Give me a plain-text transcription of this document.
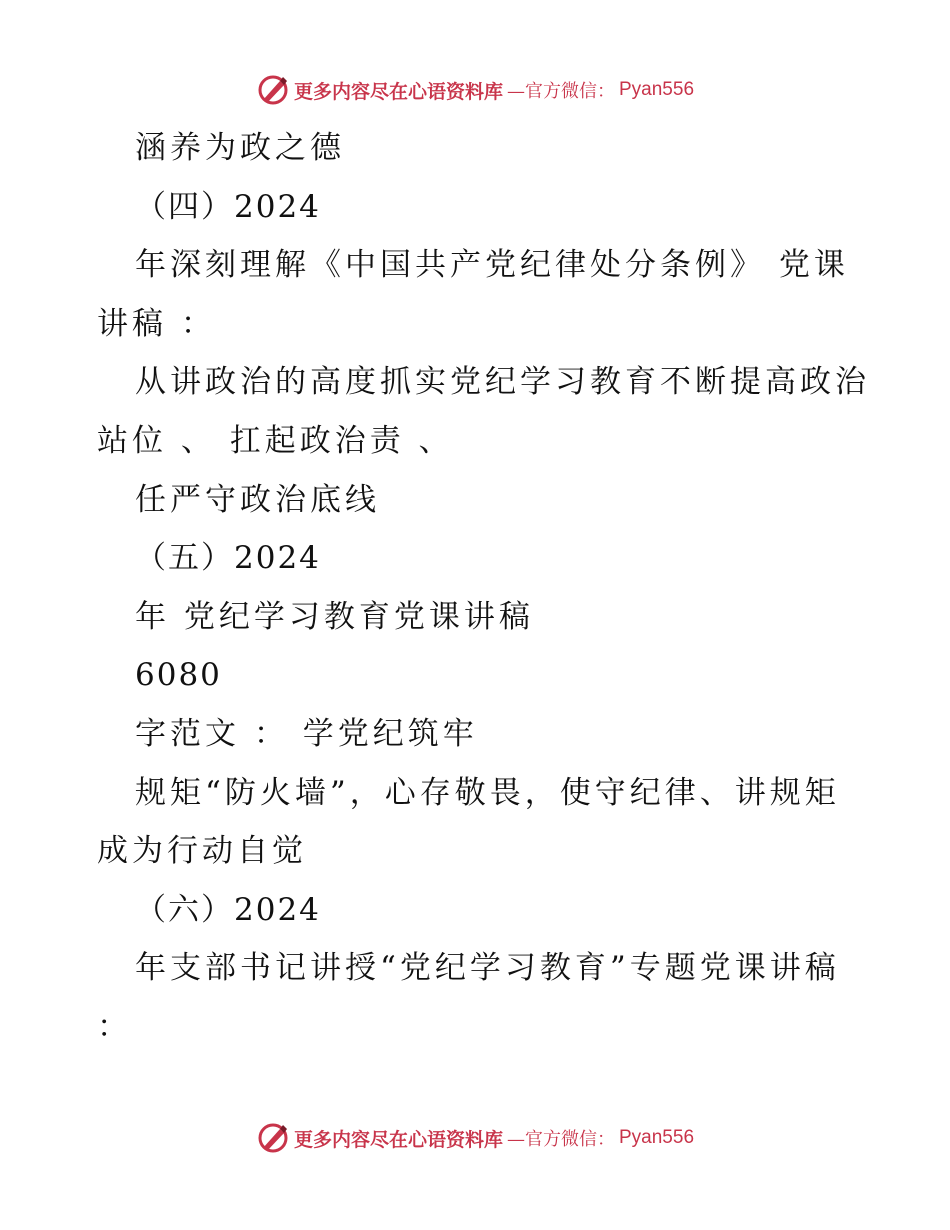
更多内容尽在心语资料库 —官方微信： Pyan556
涵养为政之德
（四）2024
年深刻理解《中国共产党纪律处分条例》 党课
讲稿 ：
从讲政治的高度抓实党纪学习教育不断提高政治
站位 、 扛起政治责 、
任严守政治底线
（五）2024
年 党纪学习教育党课讲稿
6080
字范文 ： 学党纪筑牢
规矩“防火墙”，心存敬畏，使守纪律、讲规矩
成为行动自觉
（六）2024
年支部书记讲授“党纪学习教育”专题党课讲稿
：
更多内容尽在心语资料库 —官方微信： Pyan556
